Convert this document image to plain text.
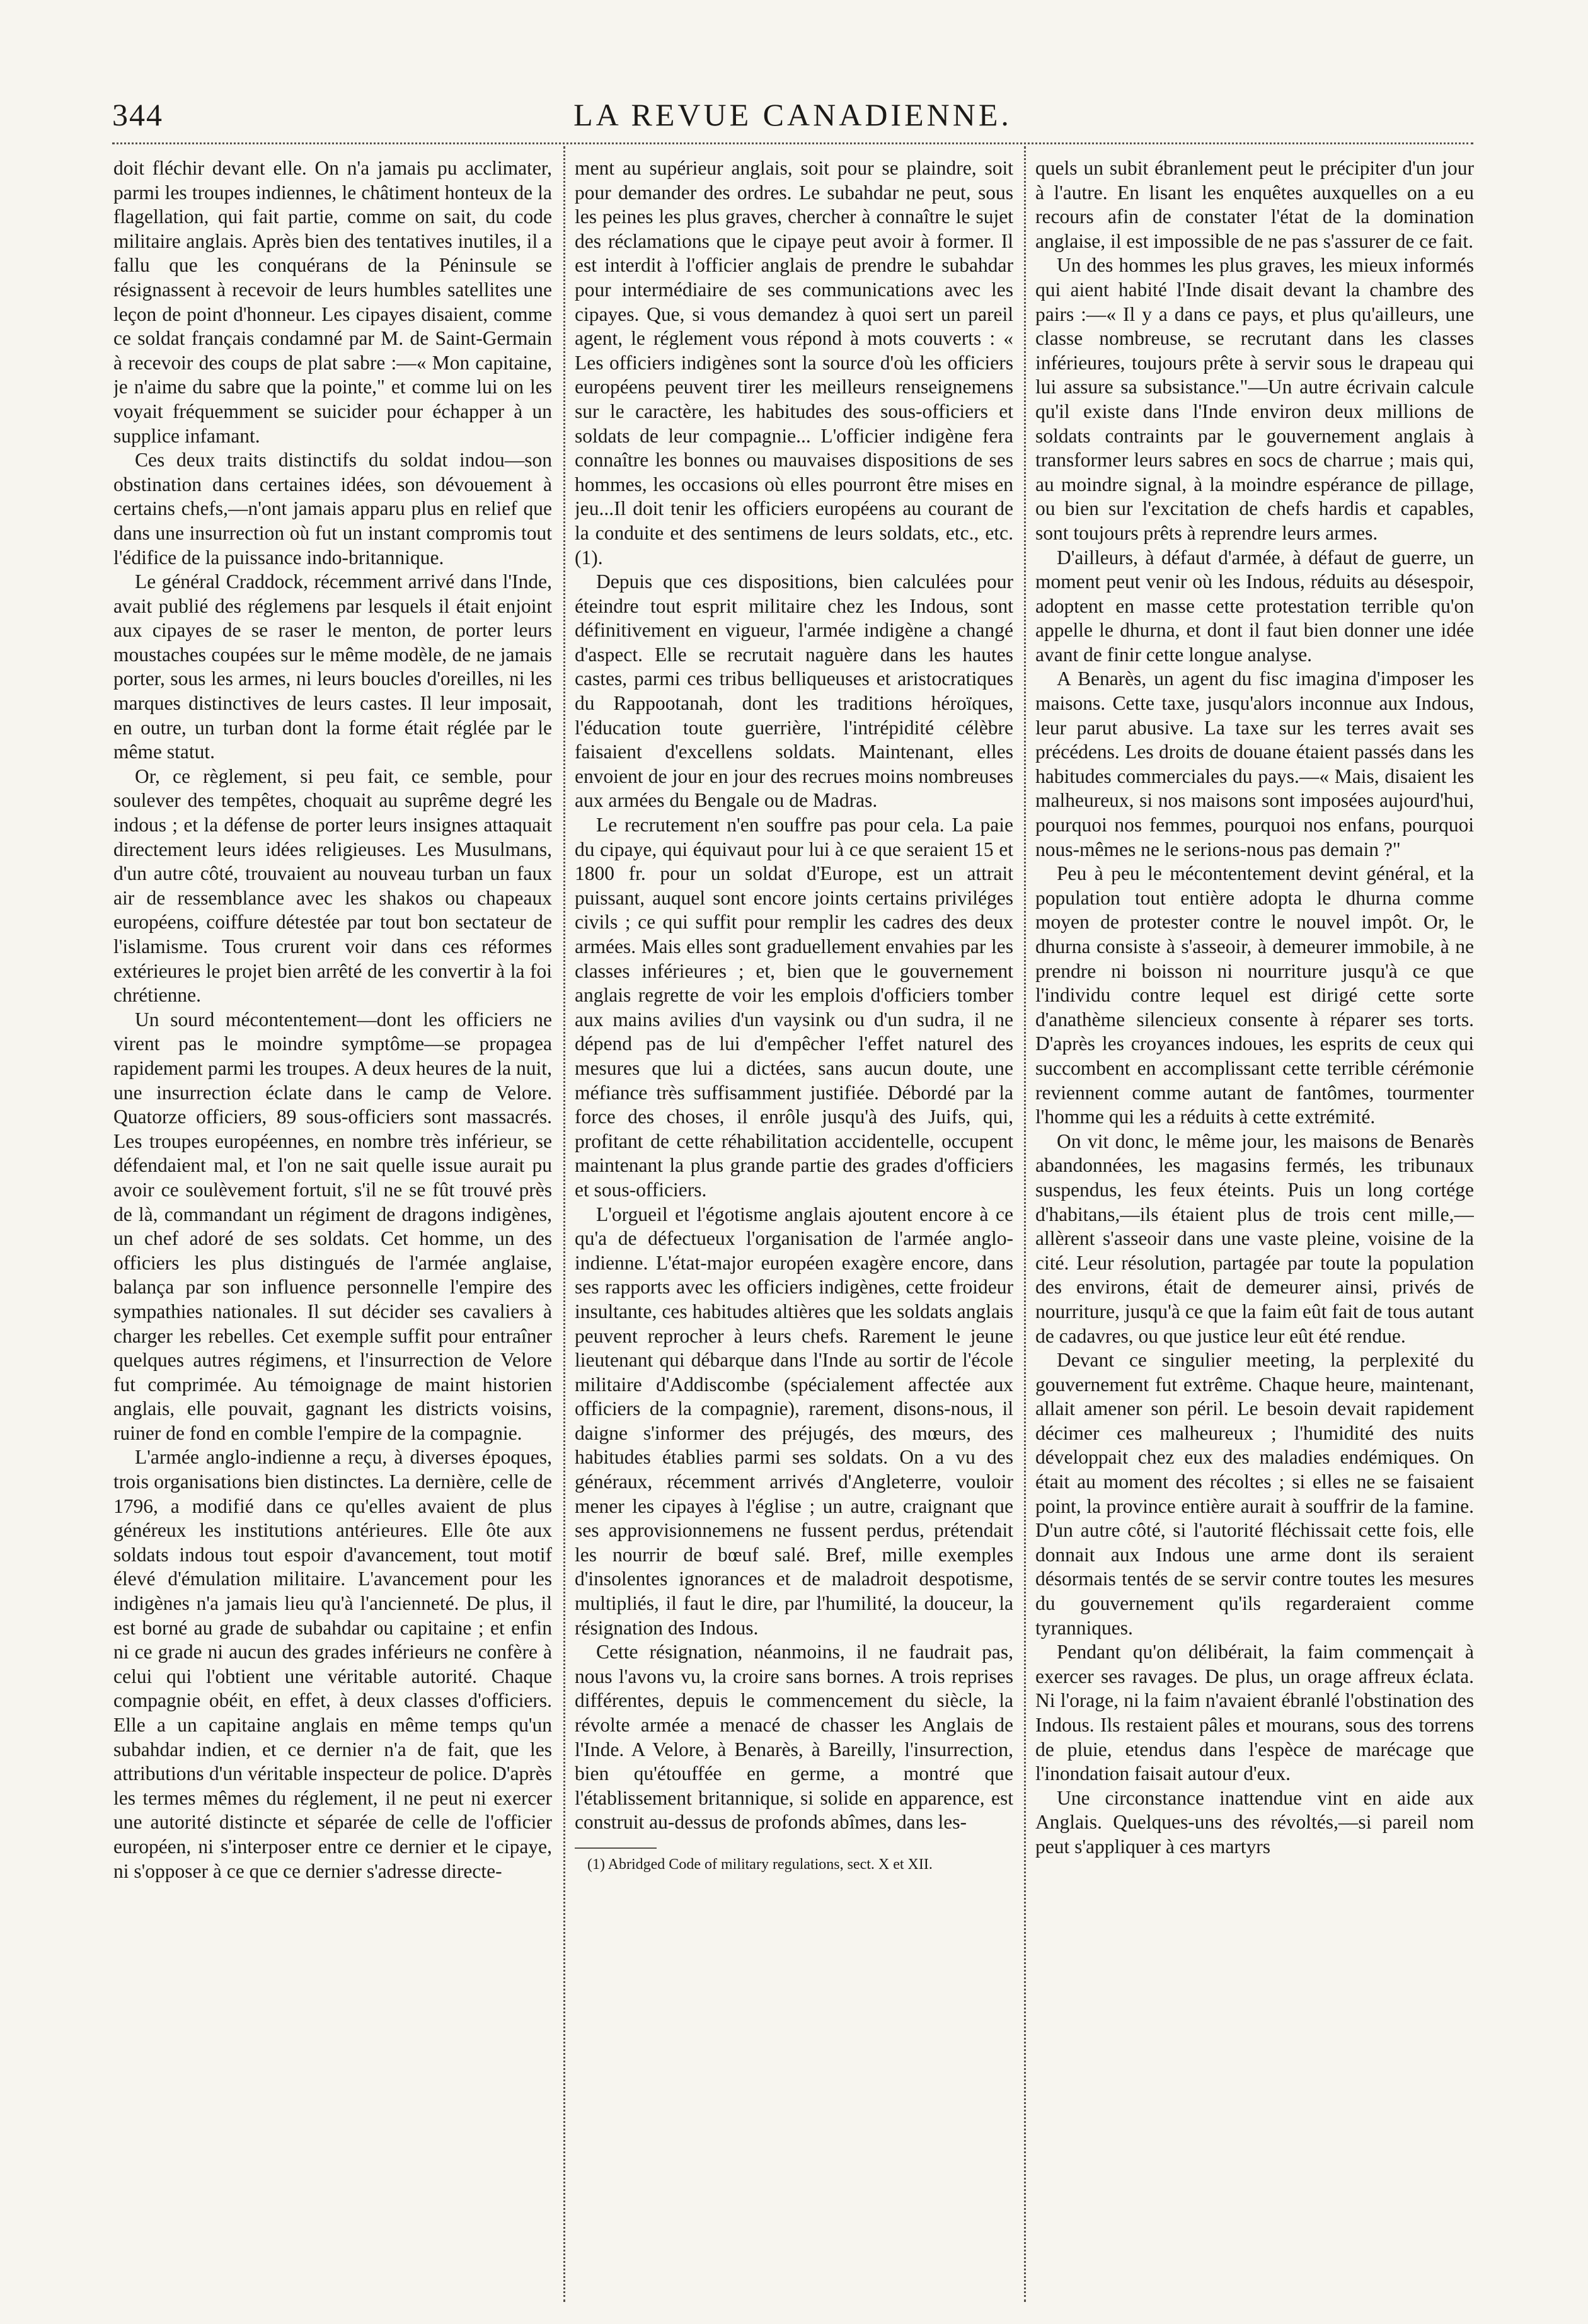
344	LA REVUE CANADIENNE.

doit fléchir devant elle. On n'a jamais pu acclimater, parmi les troupes indiennes, le châtiment honteux de la flagellation, qui fait partie, comme on sait, du code militaire anglais. Après bien des tentatives inutiles, il a fallu que les conquérans de la Péninsule se résignassent à recevoir de leurs humbles satellites une leçon de point d'honneur. Les cipayes disaient, comme ce soldat français condamné par M. de Saint-Germain à recevoir des coups de plat sabre :—« Mon capitaine, je n'aime du sabre que la pointe," et comme lui on les voyait fréquemment se suicider pour échapper à un supplice infamant.

Ces deux traits distinctifs du soldat indou—son obstination dans certaines idées, son dévouement à certains chefs,—n'ont jamais apparu plus en relief que dans une insurrection où fut un instant compromis tout l'édifice de la puissance indo-britannique.

Le général Craddock, récemment arrivé dans l'Inde, avait publié des réglemens par lesquels il était enjoint aux cipayes de se raser le menton, de porter leurs moustaches coupées sur le même modèle, de ne jamais porter, sous les armes, ni leurs boucles d'oreilles, ni les marques distinctives de leurs castes. Il leur imposait, en outre, un turban dont la forme était réglée par le même statut.

Or, ce règlement, si peu fait, ce semble, pour soulever des tempêtes, choquait au suprême degré les indous ; et la défense de porter leurs insignes attaquait directement leurs idées religieuses. Les Musulmans, d'un autre côté, trouvaient au nouveau turban un faux air de ressemblance avec les shakos ou chapeaux européens, coiffure détestée par tout bon sectateur de l'islamisme. Tous crurent voir dans ces réformes extérieures le projet bien arrêté de les convertir à la foi chrétienne.

Un sourd mécontentement—dont les officiers ne virent pas le moindre symptôme—se propagea rapidement parmi les troupes. A deux heures de la nuit, une insurrection éclate dans le camp de Velore. Quatorze officiers, 89 sous-officiers sont massacrés. Les troupes européennes, en nombre très inférieur, se défendaient mal, et l'on ne sait quelle issue aurait pu avoir ce soulèvement fortuit, s'il ne se fût trouvé près de là, commandant un régiment de dragons indigènes, un chef adoré de ses soldats. Cet homme, un des officiers les plus distingués de l'armée anglaise, balança par son influence personnelle l'empire des sympathies nationales. Il sut décider ses cavaliers à charger les rebelles. Cet exemple suffit pour entraîner quelques autres régimens, et l'insurrection de Velore fut comprimée. Au témoignage de maint historien anglais, elle pouvait, gagnant les districts voisins, ruiner de fond en comble l'empire de la compagnie.

L'armée anglo-indienne a reçu, à diverses époques, trois organisations bien distinctes. La dernière, celle de 1796, a modifié dans ce qu'elles avaient de plus généreux les institutions antérieures. Elle ôte aux soldats indous tout espoir d'avancement, tout motif élevé d'émulation militaire. L'avancement pour les indigènes n'a jamais lieu qu'à l'ancienneté. De plus, il est borné au grade de subahdar ou capitaine ; et enfin ni ce grade ni aucun des grades inférieurs ne confère à celui qui l'obtient une véritable autorité. Chaque compagnie obéit, en effet, à deux classes d'officiers. Elle a un capitaine anglais en même temps qu'un subahdar indien, et ce dernier n'a de fait, que les attributions d'un véritable inspecteur de police. D'après les termes mêmes du réglement, il ne peut ni exercer une autorité distincte et séparée de celle de l'officier européen, ni s'interposer entre ce dernier et le cipaye, ni s'opposer à ce que ce dernier s'adresse directe-

ment au supérieur anglais, soit pour se plaindre, soit pour demander des ordres. Le subahdar ne peut, sous les peines les plus graves, chercher à connaître le sujet des réclamations que le cipaye peut avoir à former. Il est interdit à l'officier anglais de prendre le subahdar pour intermédiaire de ses communications avec les cipayes. Que, si vous demandez à quoi sert un pareil agent, le réglement vous répond à mots couverts : « Les officiers indigènes sont la source d'où les officiers européens peuvent tirer les meilleurs renseignemens sur le caractère, les habitudes des sous-officiers et soldats de leur compagnie... L'officier indigène fera connaître les bonnes ou mauvaises dispositions de ses hommes, les occasions où elles pourront être mises en jeu...Il doit tenir les officiers européens au courant de la conduite et des sentimens de leurs soldats, etc., etc. (1).

Depuis que ces dispositions, bien calculées pour éteindre tout esprit militaire chez les Indous, sont définitivement en vigueur, l'armée indigène a changé d'aspect. Elle se recrutait naguère dans les hautes castes, parmi ces tribus belliqueuses et aristocratiques du Rappootanah, dont les traditions héroïques, l'éducation toute guerrière, l'intrépidité célèbre faisaient d'excellens soldats. Maintenant, elles envoient de jour en jour des recrues moins nombreuses aux armées du Bengale ou de Madras.

Le recrutement n'en souffre pas pour cela. La paie du cipaye, qui équivaut pour lui à ce que seraient 15 et 1800 fr. pour un soldat d'Europe, est un attrait puissant, auquel sont encore joints certains priviléges civils ; ce qui suffit pour remplir les cadres des deux armées. Mais elles sont graduellement envahies par les classes inférieures ; et, bien que le gouvernement anglais regrette de voir les emplois d'officiers tomber aux mains avilies d'un vaysink ou d'un sudra, il ne dépend pas de lui d'empêcher l'effet naturel des mesures que lui a dictées, sans aucun doute, une méfiance très suffisamment justifiée. Débordé par la force des choses, il enrôle jusqu'à des Juifs, qui, profitant de cette réhabilitation accidentelle, occupent maintenant la plus grande partie des grades d'officiers et sous-officiers.

L'orgueil et l'égotisme anglais ajoutent encore à ce qu'a de défectueux l'organisation de l'armée anglo-indienne. L'état-major européen exagère encore, dans ses rapports avec les officiers indigènes, cette froideur insultante, ces habitudes altières que les soldats anglais peuvent reprocher à leurs chefs. Rarement le jeune lieutenant qui débarque dans l'Inde au sortir de l'école militaire d'Addiscombe (spécialement affectée aux officiers de la compagnie), rarement, disons-nous, il daigne s'informer des préjugés, des mœurs, des habitudes établies parmi ses soldats. On a vu des généraux, récemment arrivés d'Angleterre, vouloir mener les cipayes à l'église ; un autre, craignant que ses approvisionnemens ne fussent perdus, prétendait les nourrir de bœuf salé. Bref, mille exemples d'insolentes ignorances et de maladroit despotisme, multipliés, il faut le dire, par l'humilité, la douceur, la résignation des Indous.

Cette résignation, néanmoins, il ne faudrait pas, nous l'avons vu, la croire sans bornes. A trois reprises différentes, depuis le commencement du siècle, la révolte armée a menacé de chasser les Anglais de l'Inde. A Velore, à Benarès, à Bareilly, l'insurrection, bien qu'étouffée en germe, a montré que l'établissement britannique, si solide en apparence, est construit au-dessus de profonds abîmes, dans les-

(1) Abridged Code of military regulations, sect. X et XII.

quels un subit ébranlement peut le précipiter d'un jour à l'autre. En lisant les enquêtes auxquelles on a eu recours afin de constater l'état de la domination anglaise, il est impossible de ne pas s'assurer de ce fait.

Un des hommes les plus graves, les mieux informés qui aient habité l'Inde disait devant la chambre des pairs :—« Il y a dans ce pays, et plus qu'ailleurs, une classe nombreuse, se recrutant dans les classes inférieures, toujours prête à servir sous le drapeau qui lui assure sa subsistance."—Un autre écrivain calcule qu'il existe dans l'Inde environ deux millions de soldats contraints par le gouvernement anglais à transformer leurs sabres en socs de charrue ; mais qui, au moindre signal, à la moindre espérance de pillage, ou bien sur l'excitation de chefs hardis et capables, sont toujours prêts à reprendre leurs armes.

D'ailleurs, à défaut d'armée, à défaut de guerre, un moment peut venir où les Indous, réduits au désespoir, adoptent en masse cette protestation terrible qu'on appelle le dhurna, et dont il faut bien donner une idée avant de finir cette longue analyse.

A Benarès, un agent du fisc imagina d'imposer les maisons. Cette taxe, jusqu'alors inconnue aux Indous, leur parut abusive. La taxe sur les terres avait ses précédens. Les droits de douane étaient passés dans les habitudes commerciales du pays.—« Mais, disaient les malheureux, si nos maisons sont imposées aujourd'hui, pourquoi nos femmes, pourquoi nos enfans, pourquoi nous-mêmes ne le serions-nous pas demain ?"

Peu à peu le mécontentement devint général, et la population tout entière adopta le dhurna comme moyen de protester contre le nouvel impôt. Or, le dhurna consiste à s'asseoir, à demeurer immobile, à ne prendre ni boisson ni nourriture jusqu'à ce que l'individu contre lequel est dirigé cette sorte d'anathème silencieux consente à réparer ses torts. D'après les croyances indoues, les esprits de ceux qui succombent en accomplissant cette terrible cérémonie reviennent comme autant de fantômes, tourmenter l'homme qui les a réduits à cette extrémité.

On vit donc, le même jour, les maisons de Benarès abandonnées, les magasins fermés, les tribunaux suspendus, les feux éteints. Puis un long cortége d'habitans,—ils étaient plus de trois cent mille,—allèrent s'asseoir dans une vaste pleine, voisine de la cité. Leur résolution, partagée par toute la population des environs, était de demeurer ainsi, privés de nourriture, jusqu'à ce que la faim eût fait de tous autant de cadavres, ou que justice leur eût été rendue.

Devant ce singulier meeting, la perplexité du gouvernement fut extrême. Chaque heure, maintenant, allait amener son péril. Le besoin devait rapidement décimer ces malheureux ; l'humidité des nuits développait chez eux des maladies endémiques. On était au moment des récoltes ; si elles ne se faisaient point, la province entière aurait à souffrir de la famine. D'un autre côté, si l'autorité fléchissait cette fois, elle donnait aux Indous une arme dont ils seraient désormais tentés de se servir contre toutes les mesures du gouvernement qu'ils regarderaient comme tyranniques.

Pendant qu'on délibérait, la faim commençait à exercer ses ravages. De plus, un orage affreux éclata. Ni l'orage, ni la faim n'avaient ébranlé l'obstination des Indous. Ils restaient pâles et mourans, sous des torrens de pluie, etendus dans l'espèce de marécage que l'inondation faisait autour d'eux.

Une circonstance inattendue vint en aide aux Anglais. Quelques-uns des révoltés,—si pareil nom peut s'appliquer à ces martyrs
